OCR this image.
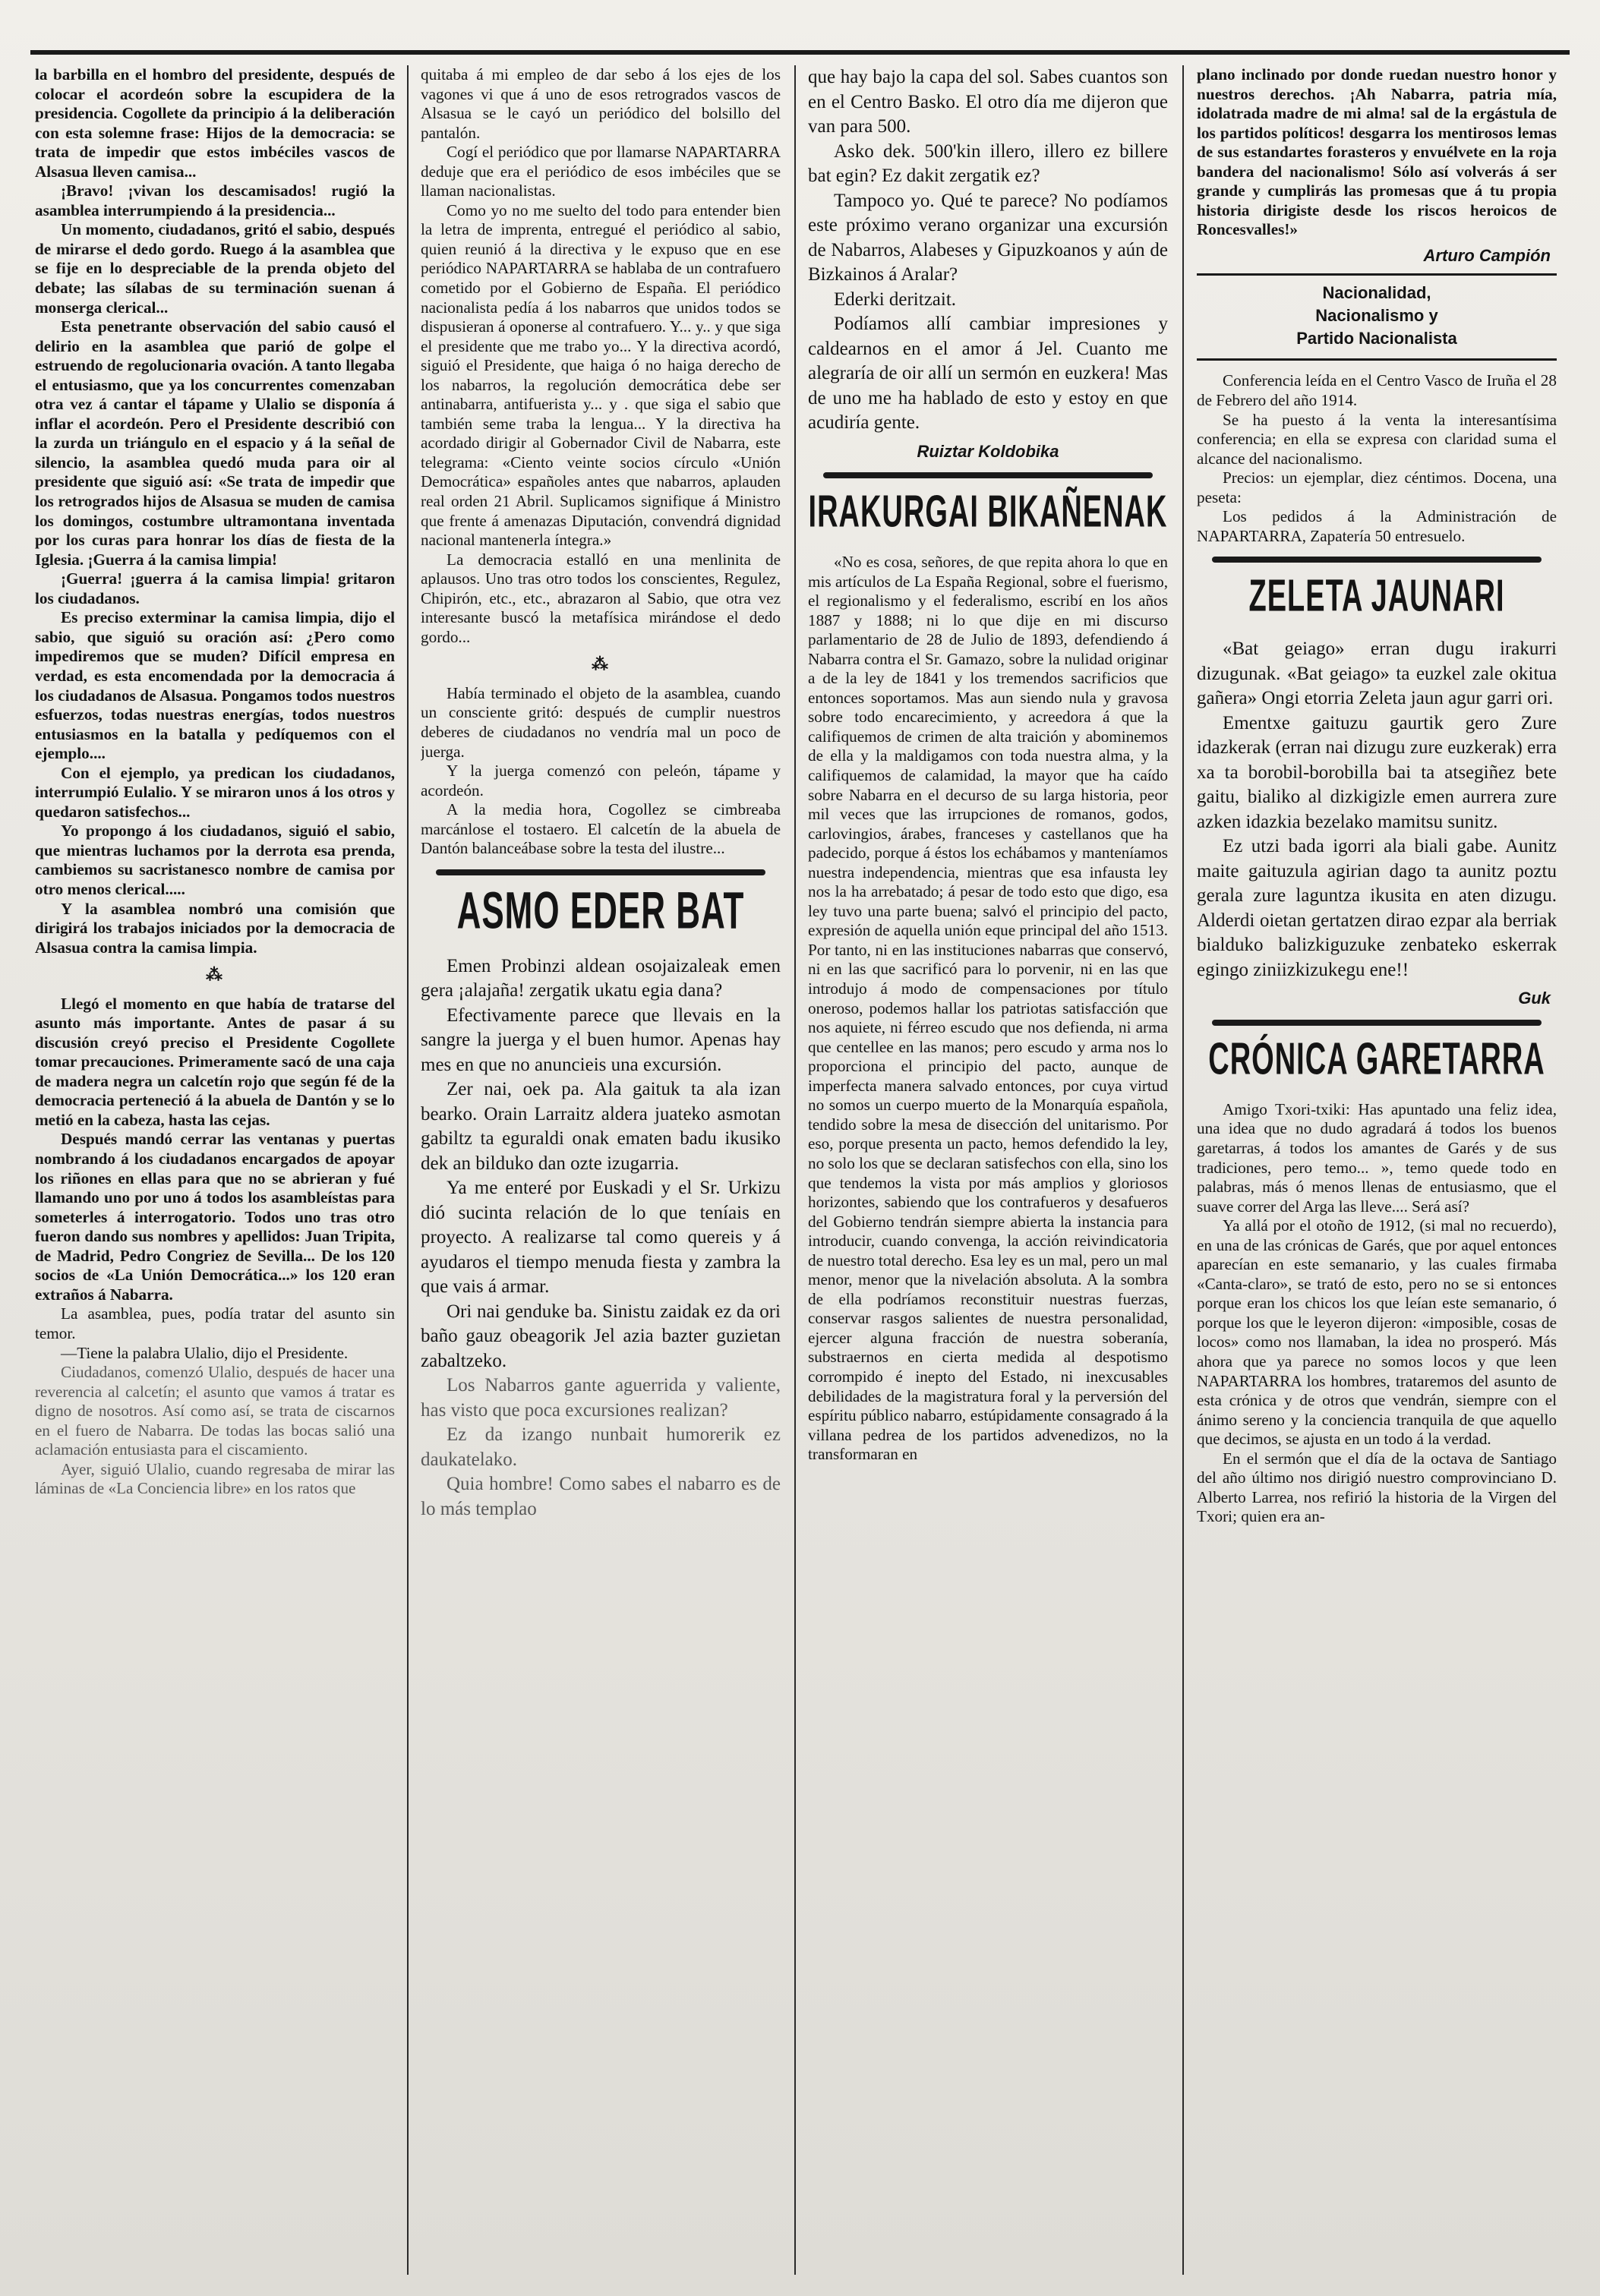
la barbilla en el hombro del presidente, después de colocar el acordeón sobre la escupidera de la presidencia. Cogollete da principio á la deliberación con esta solemne frase: Hijos de la democracia: se trata de impedir que estos imbéciles vascos de Alsasua lleven camisa...

¡Bravo! ¡vivan los descamisados! rugió la asamblea interrumpiendo á la presidencia...

Un momento, ciudadanos, gritó el sabio, después de mirarse el dedo gordo. Ruego á la asamblea que se fije en lo despreciable de la prenda objeto del debate; las sílabas de su terminación suenan á monserga clerical...

Esta penetrante observación del sabio causó el delirio en la asamblea que parió de golpe el estruendo de regolucionaria ovación. A tanto llegaba el entusiasmo, que ya los concurrentes comenzaban otra vez á cantar el tápame y Ulalio se disponía á inflar el acordeón. Pero el Presidente describió con la zurda un triángulo en el espacio y á la señal de silencio, la asamblea quedó muda para oir al presidente que siguió así: «Se trata de impedir que los retrogrados hijos de Alsasua se muden de camisa los domingos, costumbre ultramontana inventada por los curas para honrar los días de fiesta de la Iglesia. ¡Guerra á la camisa limpia!

¡Guerra! ¡guerra á la camisa limpia! gritaron los ciudadanos.

Es preciso exterminar la camisa limpia, dijo el sabio, que siguió su oración así: ¿Pero como impediremos que se muden? Difícil empresa en verdad, es esta encomendada por la democracia á los ciudadanos de Alsasua. Pongamos todos nuestros esfuerzos, todas nuestras energías, todos nuestros entusiasmos en la batalla y pedíquemos con el ejemplo....

Con el ejemplo, ya predican los ciudadanos, interrumpió Eulalio. Y se miraron unos á los otros y quedaron satisfechos...

Yo propongo á los ciudadanos, siguió el sabio, que mientras luchamos por la derrota esa prenda, cambiemos su sacristanesco nombre de camisa por otro menos clerical.....

Y la asamblea nombró una comisión que dirigirá los trabajos iniciados por la democracia de Alsasua contra la camisa limpia.

⁂

Llegó el momento en que había de tratarse del asunto más importante. Antes de pasar á su discusión creyó preciso el Presidente Cogollete tomar precauciones. Primeramente sacó de una caja de madera negra un calcetín rojo que según fé de la democracia perteneció á la abuela de Dantón y se lo metió en la cabeza, hasta las cejas.

Después mandó cerrar las ventanas y puertas nombrando á los ciudadanos encargados de apoyar los riñones en ellas para que no se abrieran y fué llamando uno por uno á todos los asambleístas para someterles á interrogatorio. Todos uno tras otro fueron dando sus nombres y apellidos: Juan Tripita, de Madrid, Pedro Congriez de Sevilla... De los 120 socios de «La Unión Democrática...» los 120 eran extraños á Nabarra.

La asamblea, pues, podía tratar del asunto sin temor.

—Tiene la palabra Ulalio, dijo el Presidente.

Ciudadanos, comenzó Ulalio, después de hacer una reverencia al calcetín; el asunto que vamos á tratar es digno de nosotros. Así como así, se trata de ciscarnos en el fuero de Nabarra. De todas las bocas salió una aclamación entusiasta para el ciscamiento.

Ayer, siguió Ulalio, cuando regresaba de mirar las láminas de «La Conciencia libre» en los ratos que

quitaba á mi empleo de dar sebo á los ejes de los vagones vi que á uno de esos retrogrados vascos de Alsasua se le cayó un periódico del bolsillo del pantalón.

Cogí el periódico que por llamarse NAPARTARRA deduje que era el periódico de esos imbéciles que se llaman nacionalistas.

Como yo no me suelto del todo para entender bien la letra de imprenta, entregué el periódico al sabio, quien reunió á la directiva y le expuso que en ese periódico NAPARTARRA se hablaba de un contrafuero cometido por el Gobierno de España. El periódico nacionalista pedía á los nabarros que unidos todos se dispusieran á oponerse al contrafuero. Y... y.. y que siga el presidente que me trabo yo... Y la directiva acordó, siguió el Presidente, que haiga ó no haiga derecho de los nabarros, la regolución democrática debe ser antinabarra, antifuerista y... y . que siga el sabio que también seme traba la lengua... Y la directiva ha acordado dirigir al Gobernador Civil de Nabarra, este telegrama: «Ciento veinte socios círculo «Unión Democrática» españoles antes que nabarros, aplauden real orden 21 Abril. Suplicamos signifique á Ministro que frente á amenazas Diputación, convendrá dignidad nacional mantenerla íntegra.»

La democracia estalló en una menlinita de aplausos. Uno tras otro todos los conscientes, Regulez, Chipirón, etc., etc., abrazaron al Sabio, que otra vez interesante buscó la metafísica mirándose el dedo gordo...

⁂

Había terminado el objeto de la asamblea, cuando un consciente gritó: después de cumplir nuestros deberes de ciudadanos no vendría mal un poco de juerga.

Y la juerga comenzó con peleón, tápame y acordeón.

A la media hora, Cogollez se cimbreaba marcánlose el tostaero. El calcetín de la abuela de Dantón balanceábase sobre la testa del ilustre...

ASMO EDER BAT

Emen Probinzi aldean osojaizaleak emen gera ¡alajaña! zergatik ukatu egia dana?

Efectivamente parece que llevais en la sangre la juerga y el buen humor. Apenas hay mes en que no anuncieis una excursión.

Zer nai, oek pa. Ala gaituk ta ala izan bearko. Orain Larraitz aldera juateko asmotan gabiltz ta eguraldi onak ematen badu ikusiko dek an bilduko dan ozte izugarria.

Ya me enteré por Euskadi y el Sr. Urkizu dió sucinta relación de lo que teníais en proyecto. A realizarse tal como quereis y á ayudaros el tiempo menuda fiesta y zambra la que vais á armar.

Ori nai genduke ba. Sinistu zaidak ez da ori baño gauz obeagorik Jel azia bazter guzietan zabaltzeko.

Los Nabarros gante aguerrida y valiente, has visto que poca excursiones realizan?

Ez da izango nunbait humorerik ez daukatelako.

Quia hombre! Como sabes el nabarro es de lo más templao

que hay bajo la capa del sol. Sabes cuantos son en el Centro Basko. El otro día me dijeron que van para 500.

Asko dek. 500'kin illero, illero ez billere bat egin? Ez dakit zergatik ez?

Tampoco yo. Qué te parece? No podíamos este próximo verano organizar una excursión de Nabarros, Alabeses y Gipuzkoanos y aún de Bizkainos á Aralar?

Ederki deritzait.

Podíamos allí cambiar impresiones y caldearnos en el amor á Jel. Cuanto me alegraría de oir allí un sermón en euzkera! Mas de uno me ha hablado de esto y estoy en que acudiría gente.

Ruiztar Koldobika
IRAKURGAI BIKAÑENAK

«No es cosa, señores, de que repita ahora lo que en mis artículos de La España Regional, sobre el fuerismo, el regionalismo y el federalismo, escribí en los años 1887 y 1888; ni lo que dije en mi discurso parlamentario de 28 de Julio de 1893, defendiendo á Nabarra contra el Sr. Gamazo, sobre la nulidad originar a de la ley de 1841 y los tremendos sacrificios que entonces soportamos. Mas aun siendo nula y gravosa sobre todo encarecimiento, y acreedora á que la califiquemos de crimen de alta traición y abominemos de ella y la maldigamos con toda nuestra alma, y la califiquemos de calamidad, la mayor que ha caído sobre Nabarra en el decurso de su larga historia, peor mil veces que las irrupciones de romanos, godos, carlovingios, árabes, franceses y castellanos que ha padecido, porque á éstos los echábamos y manteníamos nuestra independencia, mientras que esa infausta ley nos la ha arrebatado; á pesar de todo esto que digo, esa ley tuvo una parte buena; salvó el principio del pacto, expresión de aquella unión eque principal del año 1513. Por tanto, ni en las instituciones nabarras que conservó, ni en las que sacrificó para lo porvenir, ni en las que introdujo á modo de compensaciones por título oneroso, podemos hallar los patriotas satisfacción que nos aquiete, ni férreo escudo que nos defienda, ni arma que centellee en las manos; pero escudo y arma nos lo proporciona el principio del pacto, aunque de imperfecta manera salvado entonces, por cuya virtud no somos un cuerpo muerto de la Monarquía española, tendido sobre la mesa de disección del unitarismo. Por eso, porque presenta un pacto, hemos defendido la ley, no solo los que se declaran satisfechos con ella, sino los que tendemos la vista por más amplios y gloriosos horizontes, sabiendo que los contrafueros y desafueros del Gobierno tendrán siempre abierta la instancia para introducir, cuando convenga, la acción reivindicatoria de nuestro total derecho. Esa ley es un mal, pero un mal menor, menor que la nivelación absoluta. A la sombra de ella podríamos reconstituir nuestras fuerzas, conservar rasgos salientes de nuestra personalidad, ejercer alguna fracción de nuestra soberanía, substraernos en cierta medida al despotismo corrompido é inepto del Estado, ni inexcusables debilidades de la magistratura foral y la perversión del espíritu público nabarro, estúpidamente consagrado á la villana pedrea de los partidos advenedizos, no la transformaran en

plano inclinado por donde ruedan nuestro honor y nuestros derechos. ¡Ah Nabarra, patria mía, idolatrada madre de mi alma! sal de la ergástula de los partidos políticos! desgarra los mentirosos lemas de sus estandartes forasteros y envuélvete en la roja bandera del nacionalismo! Sólo así volverás á ser grande y cumplirás las promesas que á tu propia historia dirigiste desde los riscos heroicos de Roncesvalles!»

Arturo Campión
Nacionalidad,
Nacionalismo y
Partido Nacionalista

Conferencia leída en el Centro Vasco de Iruña el 28 de Febrero del año 1914.

Se ha puesto á la venta la interesantísima conferencia; en ella se expresa con claridad suma el alcance del nacionalismo.

Precios: un ejemplar, diez céntimos. Docena, una peseta:

Los pedidos á la Administración de NAPARTARRA, Zapatería 50 entresuelo.

ZELETA JAUNARI

«Bat geiago» erran dugu irakurri dizugunak. «Bat geiago» ta euzkel zale okitua gañera» Ongi etorria Zeleta jaun agur garri ori.

Ementxe gaituzu gaurtik gero Zure idazkerak (erran nai dizugu zure euzkerak) erra xa ta borobil-borobilla bai ta atsegiñez bete gaitu, bialiko al dizkigizle emen aurrera zure azken idazkia bezelako mamitsu sunitz.

Ez utzi bada igorri ala biali gabe. Aunitz maite gaituzula agirian dago ta aunitz poztu gerala zure laguntza ikusita en aten dizugu. Alderdi oietan gertatzen dirao ezpar ala berriak bialduko balizkiguzuke zenbateko eskerrak egingo ziniizkizukegu ene!!

Guk
CRÓNICA GARETARRA

Amigo Txori-txiki: Has apuntado una feliz idea, una idea que no dudo agradará á todos los buenos garetarras, á todos los amantes de Garés y de sus tradiciones, pero temo... », temo quede todo en palabras, más ó menos llenas de entusiasmo, que el suave correr del Arga las lleve.... Será así?

Ya allá por el otoño de 1912, (si mal no recuerdo), en una de las crónicas de Garés, que por aquel entonces aparecían en este semanario, y las cuales firmaba «Canta-claro», se trató de esto, pero no se si entonces porque eran los chicos los que leían este semanario, ó porque los que le leyeron dijeron: «imposible, cosas de locos» como nos llamaban, la idea no prosperó. Más ahora que ya parece no somos locos y que leen NAPARTARRA los hombres, trataremos del asunto de esta crónica y de otros que vendrán, siempre con el ánimo sereno y la conciencia tranquila de que aquello que decimos, se ajusta en un todo á la verdad.

En el sermón que el día de la octava de Santiago del año último nos dirigió nuestro comprovinciano D. Alberto Larrea, nos refirió la historia de la Virgen del Txori; quien era an-
